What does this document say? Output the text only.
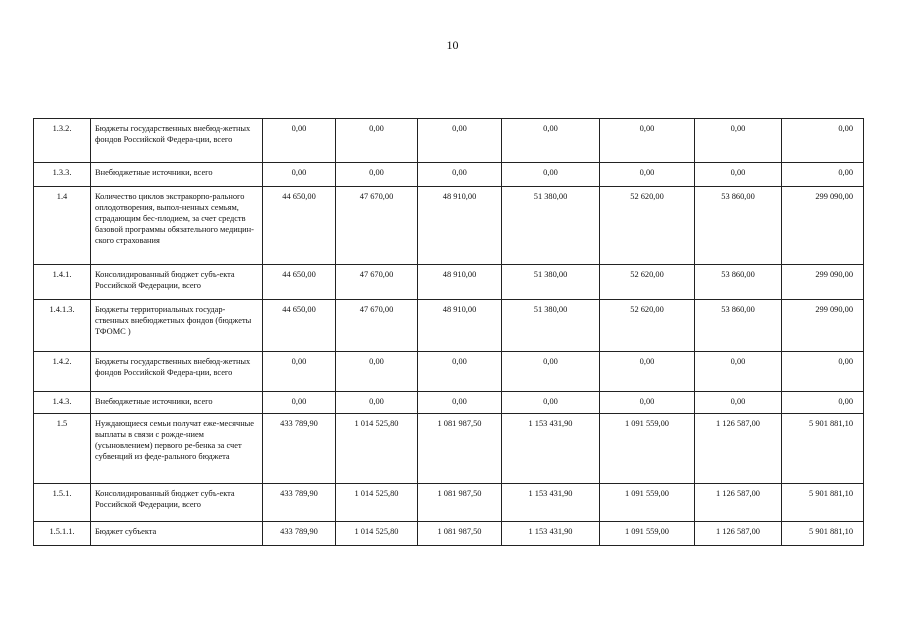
10
1.3.2.	Бюджеты государственных внебюд-жетных фондов Российской Федера-ции, всего	0,00	0,00	0,00	0,00	0,00	0,00	0,00
1.3.3.	Внебюджетные источники, всего	0,00	0,00	0,00	0,00	0,00	0,00	0,00
1.4	Количество циклов экстракорпо-рального оплодотворения, выпол-ненных семьям, страдающим бес-плодием, за счет средств базовой программы обязательного медицин-ского страхования	44 650,00	47 670,00	48 910,00	51 380,00	52 620,00	53 860,00	299 090,00
1.4.1.	Консолидированный бюджет субъ-екта Российской Федерации, всего	44 650,00	47 670,00	48 910,00	51 380,00	52 620,00	53 860,00	299 090,00
1.4.1.3.	Бюджеты территориальных государ-ственных внебюджетных фондов (бюджеты ТФОМС )	44 650,00	47 670,00	48 910,00	51 380,00	52 620,00	53 860,00	299 090,00
1.4.2.	Бюджеты государственных внебюд-жетных фондов Российской Федера-ции, всего	0,00	0,00	0,00	0,00	0,00	0,00	0,00
1.4.3.	Внебюджетные источники, всего	0,00	0,00	0,00	0,00	0,00	0,00	0,00
1.5	Нуждающиеся семьи получат еже-месячные выплаты в связи с рожде-нием (усыновлением) первого ре-бенка за счет субвенций из феде-рального бюджета	433 789,90	1 014 525,80	1 081 987,50	1 153 431,90	1 091 559,00	1 126 587,00	5 901 881,10
1.5.1.	Консолидированный бюджет субъ-екта Российской Федерации, всего	433 789,90	1 014 525,80	1 081 987,50	1 153 431,90	1 091 559,00	1 126 587,00	5 901 881,10
1.5.1.1.	Бюджет субъекта	433 789,90	1 014 525,80	1 081 987,50	1 153 431,90	1 091 559,00	1 126 587,00	5 901 881,10
